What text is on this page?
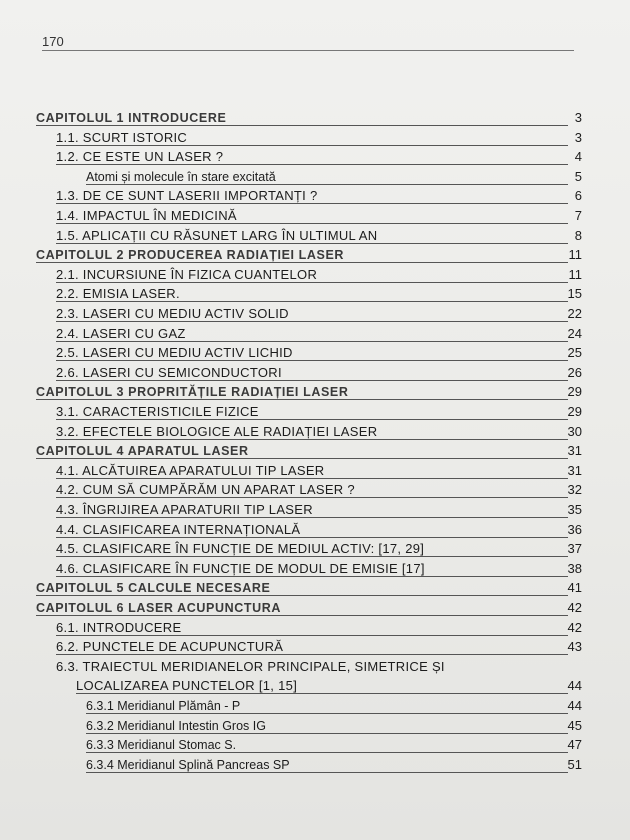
170
CAPITOLUL 1 INTRODUCERE	3
1.1. SCURT ISTORIC	3
1.2. CE ESTE UN LASER ?	4
Atomi și molecule în stare excitată	5
1.3. DE CE SUNT LASERII IMPORTANȚI ?	6
1.4. IMPACTUL ÎN MEDICINĂ	7
1.5. APLICAȚII CU RĂSUNET LARG ÎN ULTIMUL AN	8
CAPITOLUL 2 PRODUCEREA RADIAȚIEI LASER	11
2.1. INCURSIUNE ÎN FIZICA CUANTELOR	11
2.2. EMISIA LASER.	15
2.3. LASERI CU MEDIU ACTIV SOLID	22
2.4. LASERI CU GAZ	24
2.5. LASERI CU MEDIU ACTIV LICHID	25
2.6. LASERI CU SEMICONDUCTORI	26
CAPITOLUL 3 PROPRITĂȚILE RADIAȚIEI LASER	29
3.1. CARACTERISTICILE FIZICE	29
3.2. EFECTELE BIOLOGICE ALE RADIAȚIEI LASER	30
CAPITOLUL 4 APARATUL LASER	31
4.1. ALCĂTUIREA APARATULUI TIP LASER	31
4.2. CUM SĂ CUMPĂRĂM UN APARAT LASER ?	32
4.3. ÎNGRIJIREA APARATURII TIP LASER	35
4.4. CLASIFICAREA INTERNAȚIONALĂ	36
4.5. CLASIFICARE ÎN FUNCȚIE DE MEDIUL ACTIV: [17, 29]	37
4.6. CLASIFICARE ÎN FUNCȚIE DE MODUL DE EMISIE [17]	38
CAPITOLUL 5 CALCULE NECESARE	41
CAPITOLUL 6 LASER ACUPUNCTURA	42
6.1. INTRODUCERE	42
6.2. PUNCTELE DE ACUPUNCTURĂ	43
6.3. TRAIECTUL MERIDIANELOR PRINCIPALE, SIMETRICE ȘI
LOCALIZAREA PUNCTELOR [1, 15]	44
6.3.1 Meridianul Plămân - P	44
6.3.2 Meridianul Intestin Gros IG	45
6.3.3 Meridianul Stomac S.	47
6.3.4 Meridianul Splină Pancreas SP	51
